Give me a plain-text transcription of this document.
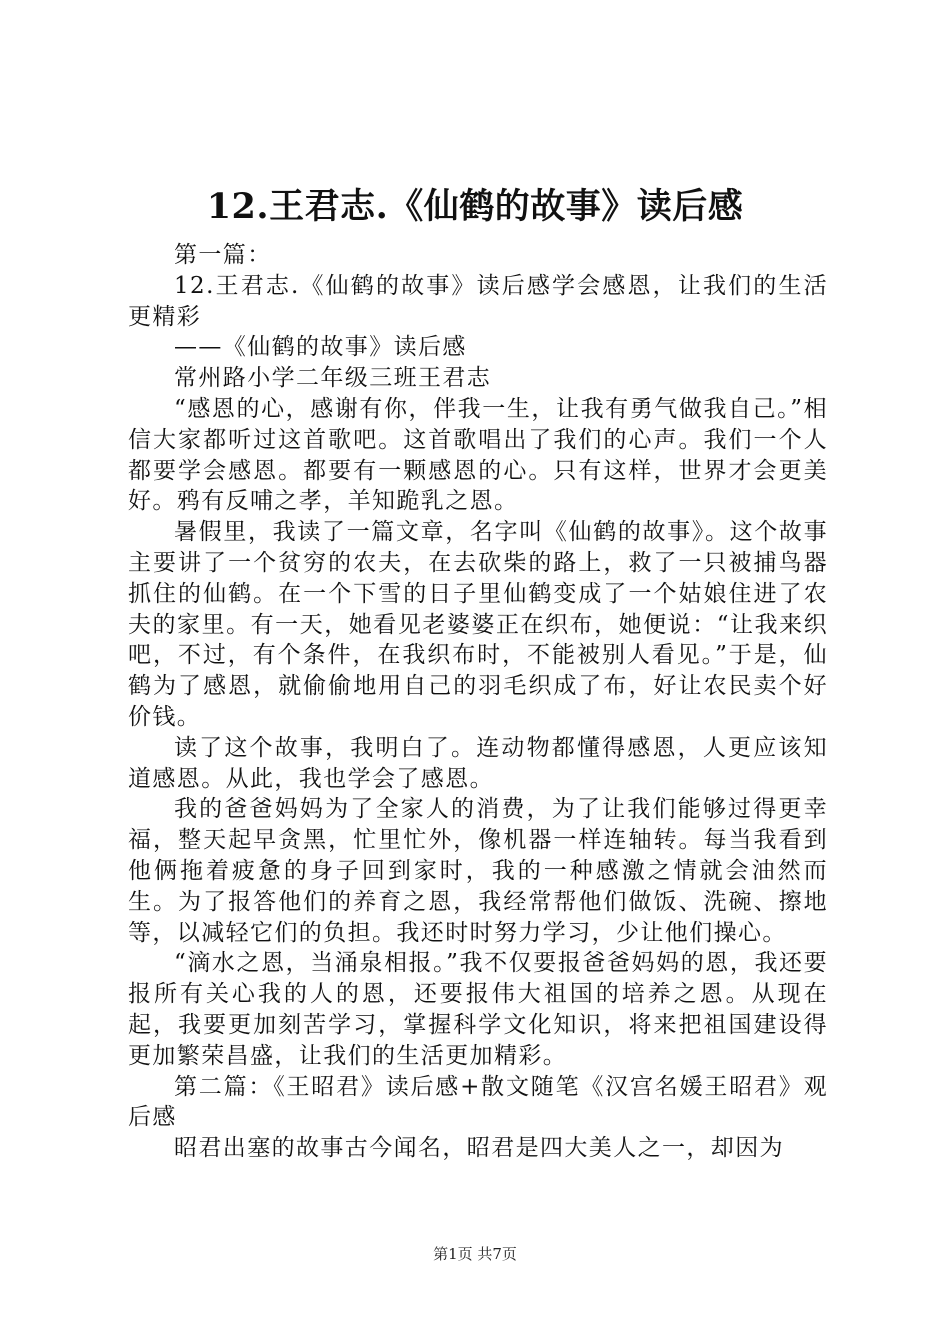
12.王君志.《仙鹤的故事》读后感

第一篇：

12.王君志.《仙鹤的故事》读后感学会感恩，让我们的生活更精彩

——《仙鹤的故事》读后感

常州路小学二年级三班王君志

“感恩的心，感谢有你，伴我一生，让我有勇气做我自己。”相信大家都听过这首歌吧。这首歌唱出了我们的心声。我们一个人都要学会感恩。都要有一颗感恩的心。只有这样，世界才会更美好。鸦有反哺之孝，羊知跪乳之恩。

暑假里，我读了一篇文章，名字叫《仙鹤的故事》。这个故事主要讲了一个贫穷的农夫，在去砍柴的路上，救了一只被捕鸟器抓住的仙鹤。在一个下雪的日子里仙鹤变成了一个姑娘住进了农夫的家里。有一天，她看见老婆婆正在织布，她便说：“让我来织吧，不过，有个条件，在我织布时，不能被别人看见。”于是，仙鹤为了感恩，就偷偷地用自己的羽毛织成了布，好让农民卖个好价钱。

读了这个故事，我明白了。连动物都懂得感恩，人更应该知道感恩。从此，我也学会了感恩。

我的爸爸妈妈为了全家人的消费，为了让我们能够过得更幸福，整天起早贪黑，忙里忙外，像机器一样连轴转。每当我看到他俩拖着疲惫的身子回到家时，我的一种感激之情就会油然而生。为了报答他们的养育之恩，我经常帮他们做饭、洗碗、擦地等，以减轻它们的负担。我还时时努力学习，少让他们操心。

“滴水之恩，当涌泉相报。”我不仅要报爸爸妈妈的恩，我还要报所有关心我的人的恩，还要报伟大祖国的培养之恩。从现在起，我要更加刻苦学习，掌握科学文化知识，将来把祖国建设得更加繁荣昌盛，让我们的生活更加精彩。

第二篇：《王昭君》读后感+散文随笔《汉宫名媛王昭君》观后感

昭君出塞的故事古今闻名，昭君是四大美人之一，却因为

第1页 共7页
